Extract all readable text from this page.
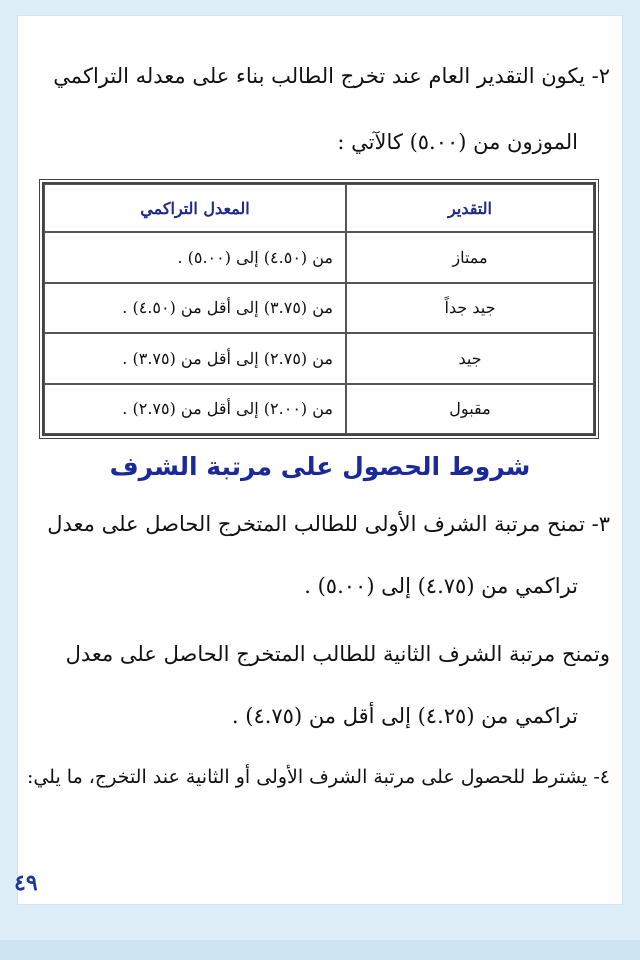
٢- يكون التقدير العام عند تخرج الطالب بناء على معدله التراكمي
الموزون من (٥.٠٠) كالآتي :
التقدير	المعدل التراكمي
ممتاز	من (٤.٥٠) إلى (٥.٠٠) .
جيد جداً	من (٣.٧٥) إلى أقل من (٤.٥٠) .
جيد	من (٢.٧٥) إلى أقل من (٣.٧٥) .
مقبول	من (٢.٠٠) إلى أقل من (٢.٧٥) .
شروط الحصول على مرتبة الشرف
٣- تمنح مرتبة الشرف الأولى للطالب المتخرج الحاصل على معدل
تراكمي من (٤.٧٥) إلى (٥.٠٠) .
وتمنح مرتبة الشرف الثانية للطالب المتخرج الحاصل على معدل
تراكمي من (٤.٢٥) إلى أقل من (٤.٧٥) .
٤- يشترط للحصول على مرتبة الشرف الأولى أو الثانية عند التخرج، ما يلي:
٤٩
